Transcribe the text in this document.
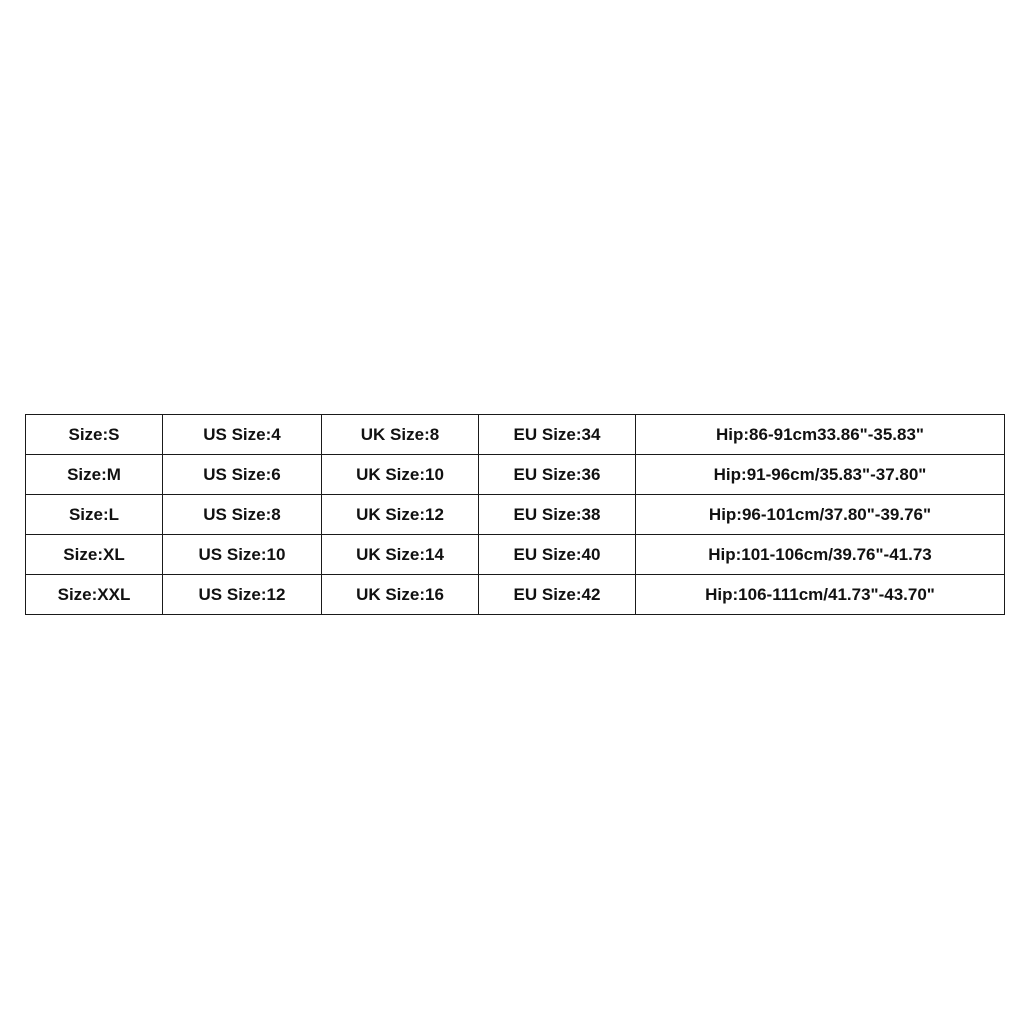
Size:S	US Size:4	UK Size:8	EU Size:34	Hip:86-91cm33.86"-35.83"
Size:M	US Size:6	UK Size:10	EU Size:36	Hip:91-96cm/35.83"-37.80"
Size:L	US Size:8	UK Size:12	EU Size:38	Hip:96-101cm/37.80"-39.76"
Size:XL	US Size:10	UK Size:14	EU Size:40	Hip:101-106cm/39.76"-41.73
Size:XXL	US Size:12	UK Size:16	EU Size:42	Hip:106-111cm/41.73"-43.70"
